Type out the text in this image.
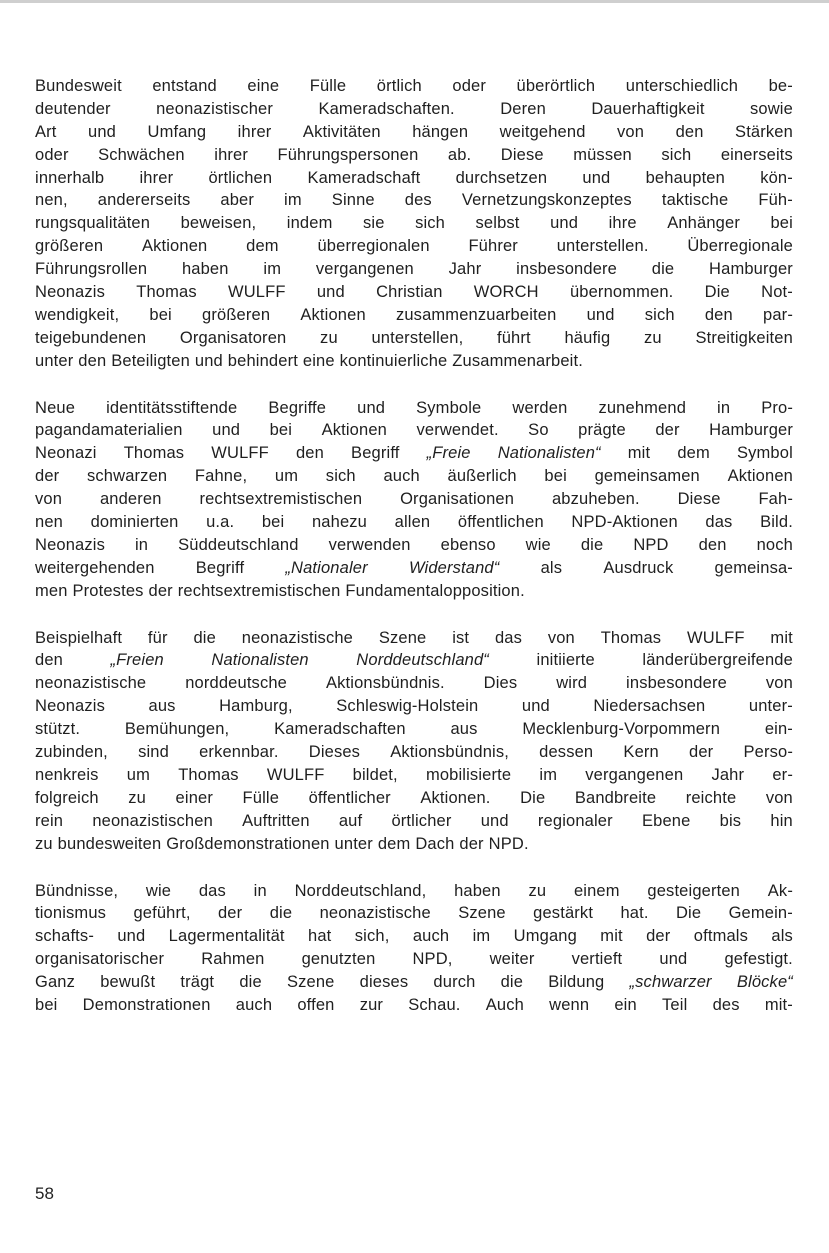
Bundesweit entstand eine Fülle örtlich oder überörtlich unterschiedlich be-
deutender	neonazistischer	Kameradschaften.	Deren	Dauerhaftigkeit	sowie
Art und Umfang ihrer Aktivitäten hängen weitgehend von den Stärken
oder Schwächen ihrer Führungspersonen ab. Diese müssen sich einerseits
innerhalb ihrer örtlichen Kameradschaft durchsetzen und behaupten kön-
nen, andererseits aber im Sinne des Vernetzungskonzeptes taktische Füh-
rungsqualitäten beweisen, indem sie sich selbst und ihre Anhänger bei
größeren Aktionen dem überregionalen Führer unterstellen. Überregionale
Führungsrollen haben im vergangenen Jahr insbesondere die Hamburger
Neonazis Thomas WULFF und Christian WORCH übernommen. Die Not-
wendigkeit, bei größeren Aktionen zusammenzuarbeiten und sich den par-
teigebundenen Organisatoren zu unterstellen, führt häufig zu Streitigkeiten
unter den Beteiligten und behindert eine kontinuierliche Zusammenarbeit.
Neue identitätsstiftende Begriffe und Symbole werden zunehmend in Pro-
pagandamaterialien und bei Aktionen verwendet. So prägte der Hamburger
Neonazi Thomas WULFF den Begriff „Freie Nationalisten“ mit dem Symbol
der schwarzen Fahne, um sich auch äußerlich bei gemeinsamen Aktionen
von anderen rechtsextremistischen Organisationen abzuheben. Diese Fah-
nen dominierten u.a. bei nahezu allen öffentlichen NPD-Aktionen das Bild.
Neonazis in Süddeutschland verwenden ebenso wie die NPD den noch
weitergehenden Begriff „Nationaler Widerstand“ als Ausdruck gemeinsa-
men Protestes der rechtsextremistischen Fundamentalopposition.
Beispielhaft für die neonazistische Szene ist das von Thomas WULFF mit
den	„Freien	Nationalisten	Norddeutschland“	initiierte	länderübergreifende
neonazistische norddeutsche Aktionsbündnis. Dies wird insbesondere von
Neonazis	aus	Hamburg,	Schleswig-Holstein	und	Niedersachsen	unter-
stützt.	Bemühungen,	Kameradschaften	aus	Mecklenburg-Vorpommern	ein-
zubinden, sind erkennbar. Dieses Aktionsbündnis, dessen Kern der Perso-
nenkreis um Thomas WULFF bildet, mobilisierte im vergangenen Jahr er-
folgreich zu einer Fülle öffentlicher Aktionen. Die Bandbreite reichte von
rein neonazistischen Auftritten auf örtlicher und regionaler Ebene bis hin
zu bundesweiten Großdemonstrationen unter dem Dach der NPD.
Bündnisse, wie das in Norddeutschland, haben zu einem gesteigerten Ak-
tionismus geführt, der die neonazistische Szene gestärkt hat. Die Gemein-
schafts- und Lagermentalität hat sich, auch im Umgang mit der oftmals als
organisatorischer Rahmen genutzten NPD, weiter vertieft und gefestigt.
Ganz bewußt trägt die Szene dieses durch die Bildung „schwarzer Blöcke“
bei Demonstrationen auch offen zur Schau. Auch wenn ein Teil des mit-

58
